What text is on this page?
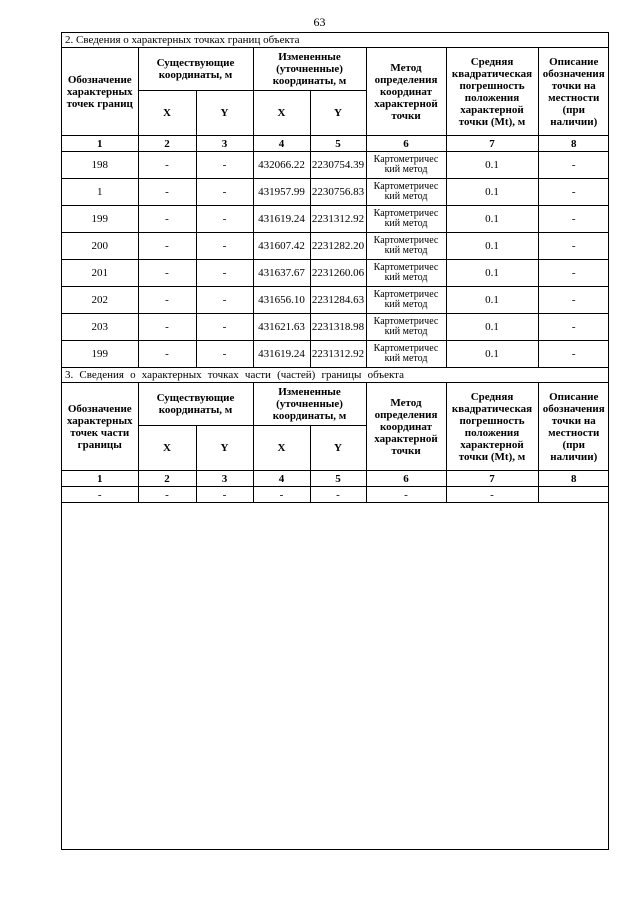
63
2. Сведения о характерных точках границ объекта							
Обозначение характерных точек границ	Существующие координаты, м		Измененные (уточненные) координаты, м		Метод определения координат характерной точки	Средняя квадратическая погрешность положения характерной точки (Mt), м	Описание обозначения точки на местности (при наличии)
	X	Y	X	Y			
1	2	3	4	5	6	7	8
198	-	-	432066.22	2230754.39	Картометричес кий метод	0.1	-
1	-	-	431957.99	2230756.83	Картометричес кий метод	0.1	-
199	-	-	431619.24	2231312.92	Картометричес кий метод	0.1	-
200	-	-	431607.42	2231282.20	Картометричес кий метод	0.1	-
201	-	-	431637.67	2231260.06	Картометричес кий метод	0.1	-
202	-	-	431656.10	2231284.63	Картометричес кий метод	0.1	-
203	-	-	431621.63	2231318.98	Картометричес кий метод	0.1	-
199	-	-	431619.24	2231312.92	Картометричес кий метод	0.1	-
3. Сведения о характерных точках части (частей) границы объекта							
Обозначение характерных точек части границы	Существующие координаты, м		Измененные (уточненные) координаты, м		Метод определения координат характерной точки	Средняя квадратическая погрешность положения характерной точки (Mt), м	Описание обозначения точки на местности (при наличии)
	X	Y	X	Y			
1	2	3	4	5	6	7	8
-	-	-	-	-	-	-	
